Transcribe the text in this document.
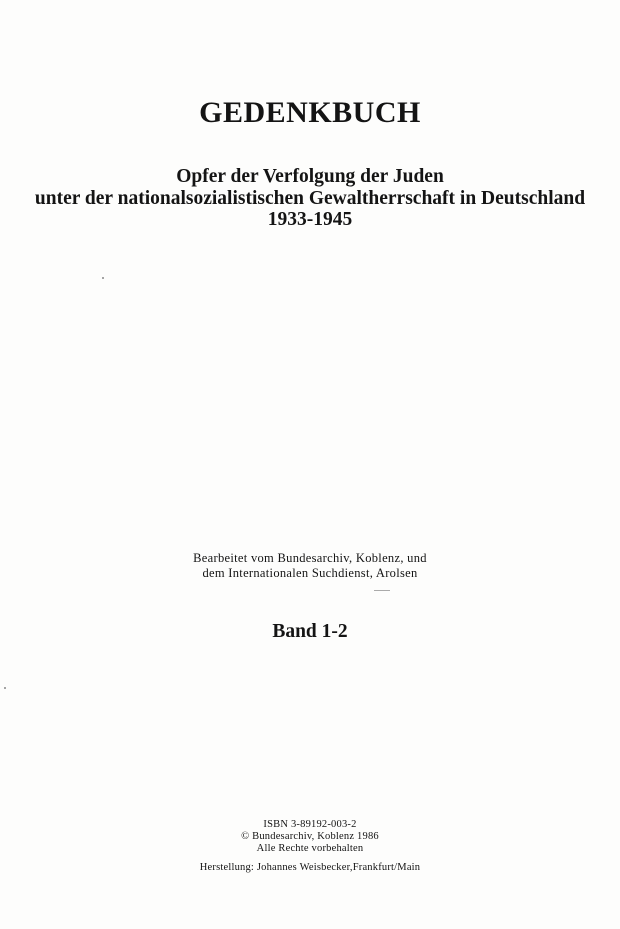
GEDENKBUCH
Opfer der Verfolgung der Juden
unter der nationalsozialistischen Gewaltherrschaft in Deutschland
1933-1945
Bearbeitet vom Bundesarchiv, Koblenz, und
dem Internationalen Suchdienst, Arolsen
Band 1-2
ISBN 3-89192-003-2
© Bundesarchiv, Koblenz 1986
Alle Rechte vorbehalten
Herstellung: Johannes Weisbecker,Frankfurt/Main
